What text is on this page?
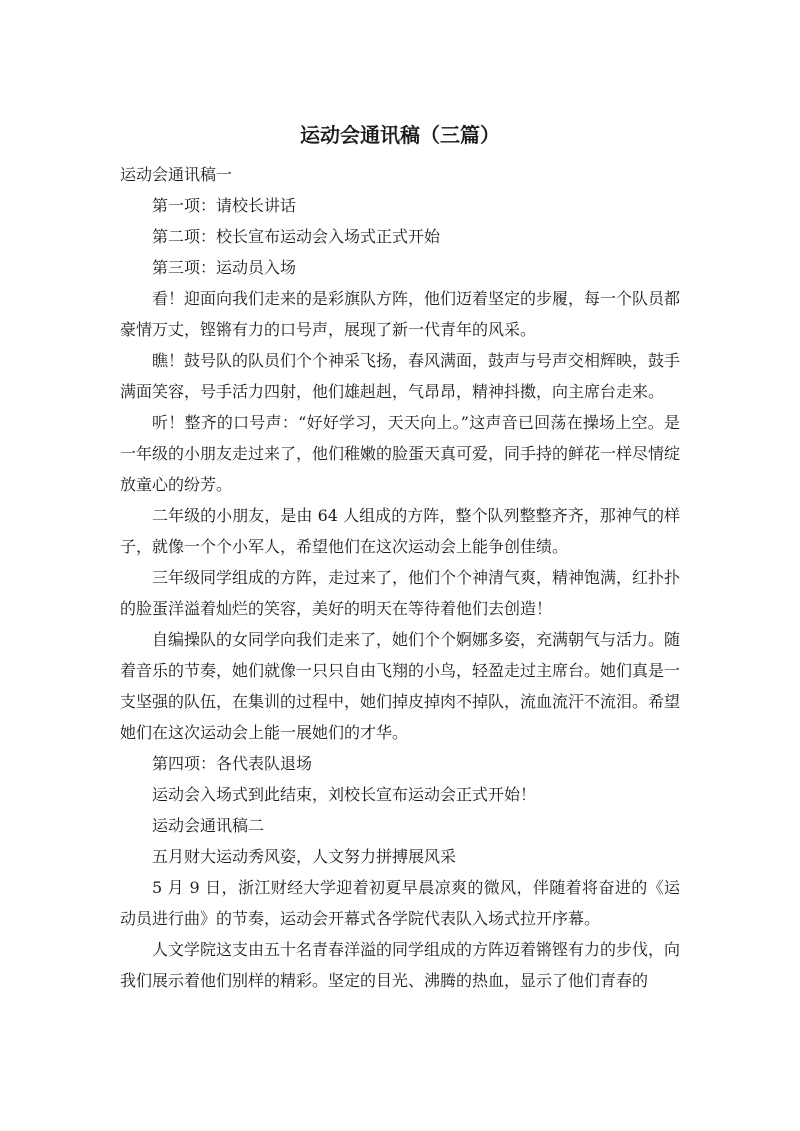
运动会通讯稿（三篇）

运动会通讯稿一

第一项：请校长讲话

第二项：校长宣布运动会入场式正式开始

第三项：运动员入场

看！迎面向我们走来的是彩旗队方阵，他们迈着坚定的步履，每一个队员都豪情万丈，铿锵有力的口号声，展现了新一代青年的风采。

瞧！鼓号队的队员们个个神采飞扬，春风满面，鼓声与号声交相辉映，鼓手满面笑容，号手活力四射，他们雄赳赳，气昂昂，精神抖擞，向主席台走来。

听！整齐的口号声：“好好学习，天天向上。”这声音已回荡在操场上空。是一年级的小朋友走过来了，他们稚嫩的脸蛋天真可爱，同手持的鲜花一样尽情绽放童心的纷芳。

二年级的小朋友，是由 64 人组成的方阵，整个队列整整齐齐，那神气的样子，就像一个个小军人，希望他们在这次运动会上能争创佳绩。

三年级同学组成的方阵，走过来了，他们个个神清气爽，精神饱满，红扑扑的脸蛋洋溢着灿烂的笑容，美好的明天在等待着他们去创造！

自编操队的女同学向我们走来了，她们个个婀娜多姿，充满朝气与活力。随着音乐的节奏，她们就像一只只自由飞翔的小鸟，轻盈走过主席台。她们真是一支坚强的队伍，在集训的过程中，她们掉皮掉肉不掉队，流血流汗不流泪。希望她们在这次运动会上能一展她们的才华。

第四项：各代表队退场

运动会入场式到此结束，刘校长宣布运动会正式开始！

运动会通讯稿二

五月财大运动秀风姿，人文努力拼搏展风采

5 月 9 日，浙江财经大学迎着初夏早晨凉爽的微风，伴随着将奋进的《运动员进行曲》的节奏，运动会开幕式各学院代表队入场式拉开序幕。

人文学院这支由五十名青春洋溢的同学组成的方阵迈着锵铿有力的步伐，向我们展示着他们别样的精彩。坚定的目光、沸腾的热血，显示了他们青春的
